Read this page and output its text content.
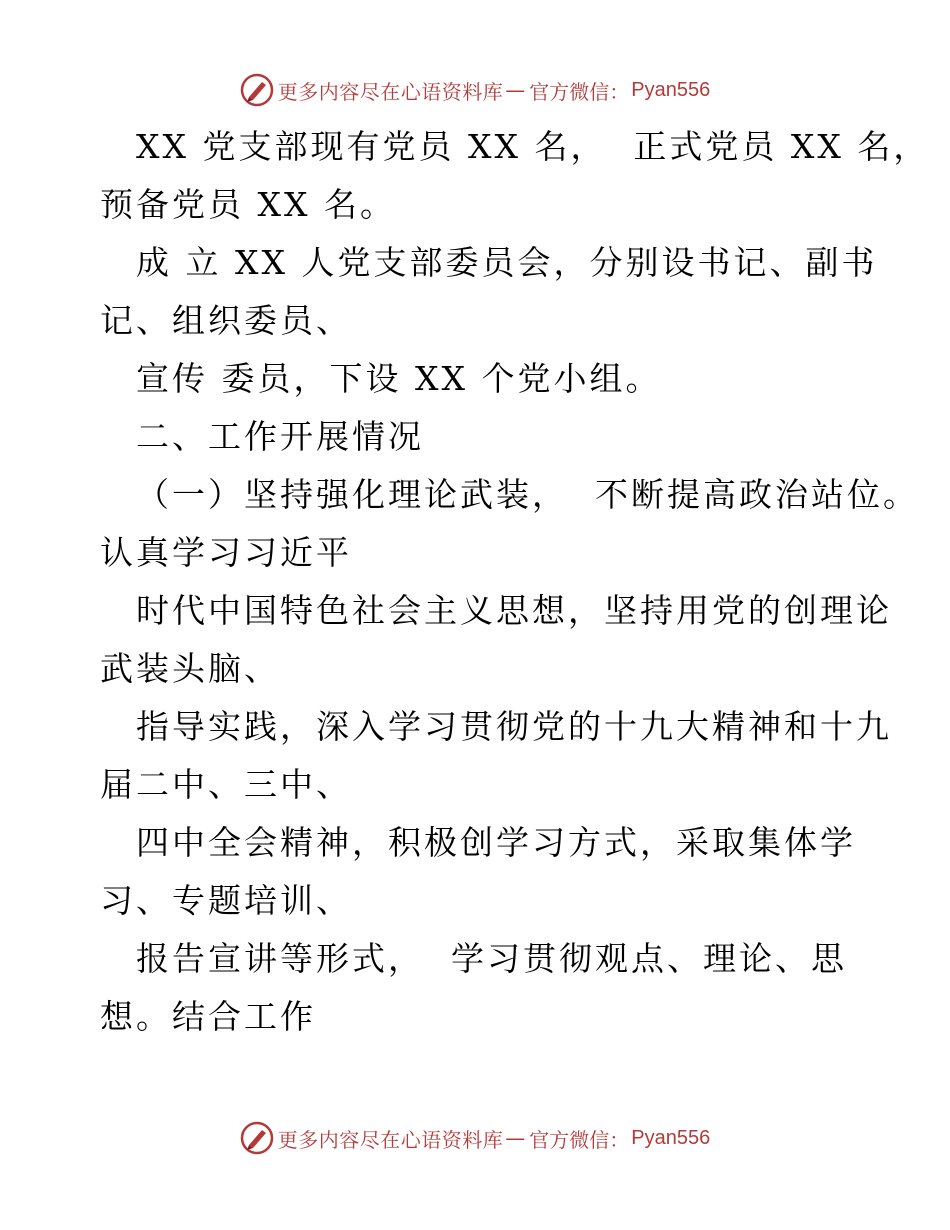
更多内容尽在心语资料库 — 官方微信： Pyan556
XX 党支部现有党员 XX 名，  正式党员 XX 名，
预备党员 XX 名。
成 立 XX 人党支部委员会，分别设书记、副书
记、组织委员、
宣传 委员，下设 XX 个党小组。
二、工作开展情况
（一）坚持强化理论武装，  不断提高政治站位。
认真学习习近平
时代中国特色社会主义思想，坚持用党的创理论
武装头脑、
指导实践，深入学习贯彻党的十九大精神和十九
届二中、三中、
四中全会精神，积极创学习方式，采取集体学
习、专题培训、
报告宣讲等形式，  学习贯彻观点、理论、思
想。结合工作
更多内容尽在心语资料库 — 官方微信： Pyan556
